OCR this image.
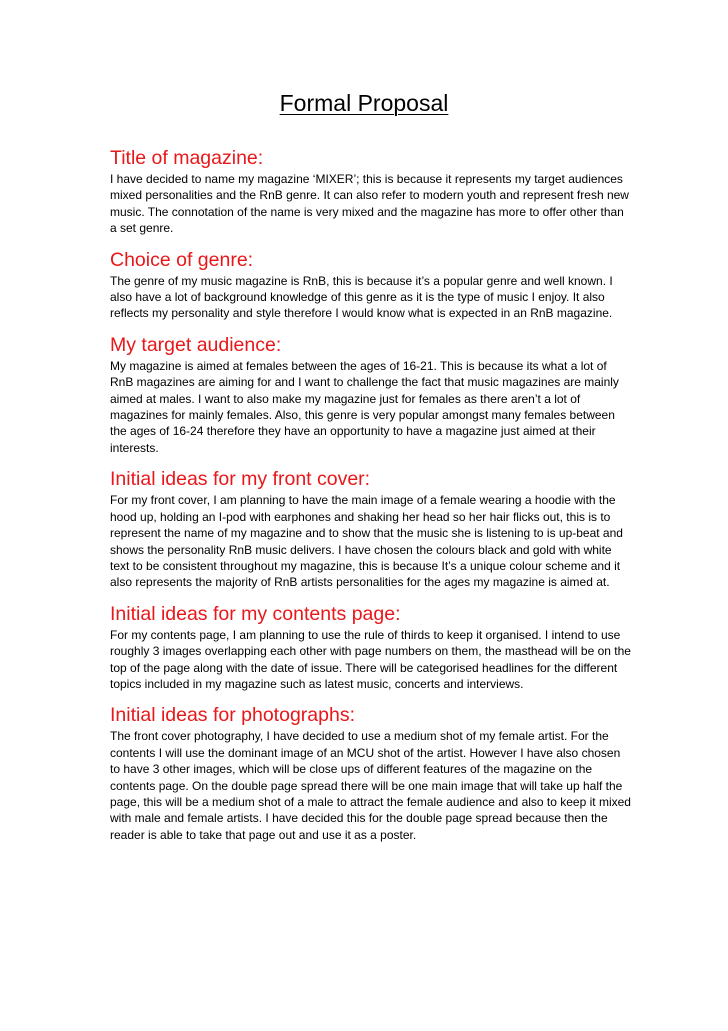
Formal Proposal
Title of magazine:

I have decided to name my magazine ‘MIXER’; this is because it represents my target audiences mixed personalities and the RnB genre. It can also refer to modern youth and represent fresh new music. The connotation of the name is very mixed and the magazine has more to offer other than a set genre.

Choice of genre:

The genre of my music magazine is RnB, this is because it’s a popular genre and well known. I also have a lot of background knowledge of this genre as it is the type of music I enjoy. It also reflects my personality and style therefore I would know what is expected in an RnB magazine.

My target audience:

My magazine is aimed at females between the ages of 16-21. This is because its what a lot of RnB magazines are aiming for and I want to challenge the fact that music magazines are mainly aimed at males. I want to also make my magazine just for females as there aren’t a lot of magazines for mainly females. Also, this genre is very popular amongst many females between the ages of 16-24 therefore they have an opportunity to have a magazine just aimed at their interests.

Initial ideas for my front cover:

For my front cover, I am planning to have the main image of a female wearing a hoodie with the hood up, holding an I-pod with earphones and shaking her head so her hair flicks out, this is to represent the name of my magazine and to show that the music she is listening to is up-beat and shows the personality RnB music delivers. I have chosen the colours black and gold with white text to be consistent throughout my magazine, this is because It’s a unique colour scheme and it also represents the majority of RnB artists personalities for the ages my magazine is aimed at.

Initial ideas for my contents page:

For my contents page, I am planning to use the rule of thirds to keep it organised. I intend to use roughly 3 images overlapping each other with page numbers on them, the masthead will be on the top of the page along with the date of issue. There will be categorised headlines for the different topics included in my magazine such as latest music, concerts and interviews.

Initial ideas for photographs:

The front cover photography, I have decided to use a medium shot of my female artist. For the contents I will use the dominant image of an MCU shot of the artist. However I have also chosen to have 3 other images, which will be close ups of different features of the magazine on the contents page. On the double page spread there will be one main image that will take up half the page, this will be a medium shot of a male to attract the female audience and also to keep it mixed with male and female artists. I have decided this for the double page spread because then the reader is able to take that page out and use it as a poster.
